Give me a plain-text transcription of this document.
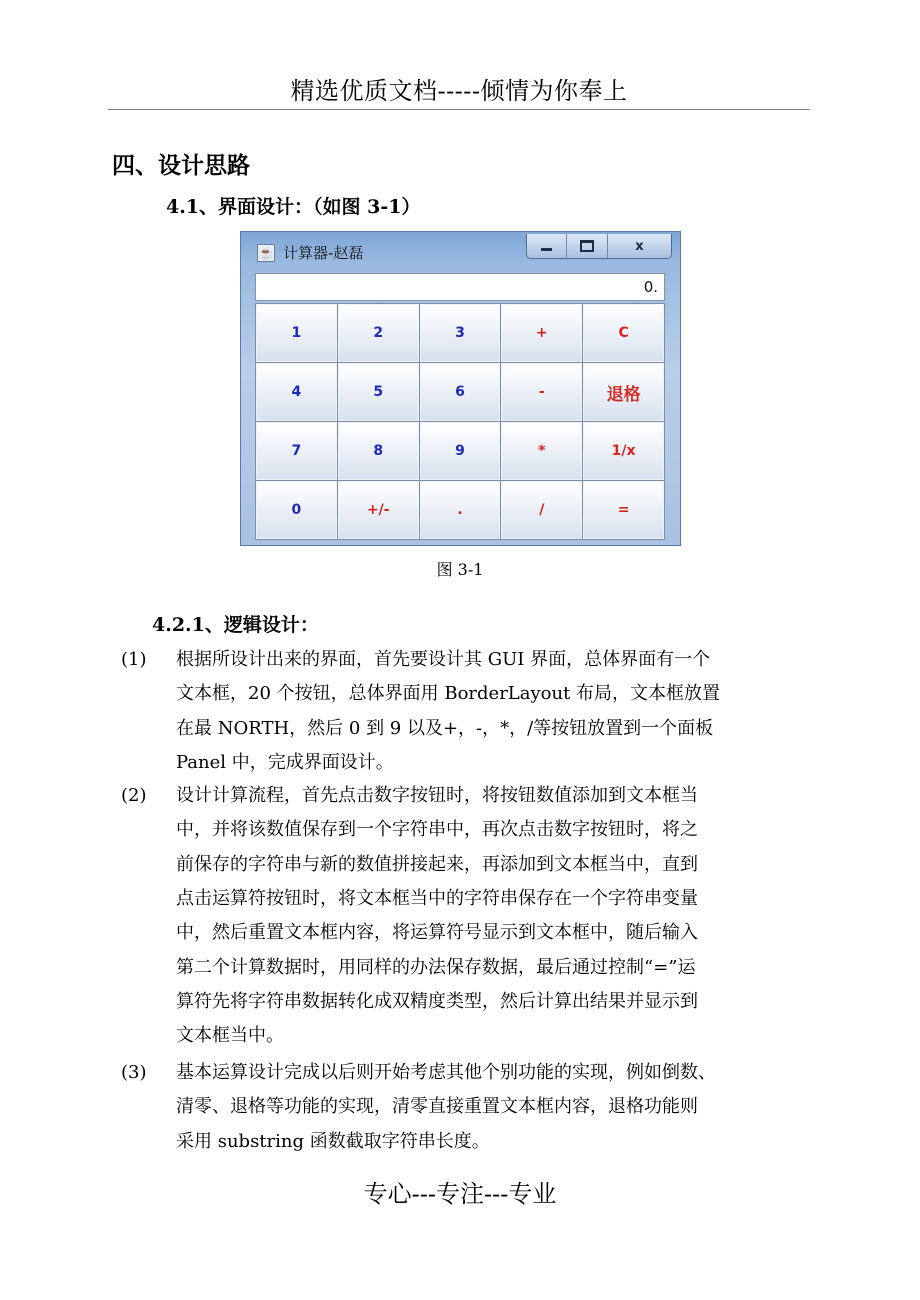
精选优质文档-----倾情为你奉上
四、设计思路
4.1、界面设计：（如图 3-1）
☕ 计算器-赵磊	x
0.
1	2	3	+	C
4	5	6	-	退格
7	8	9	*	1/x
0	+/-	.	/	=
图 3-1
4.2.1、逻辑设计：
(1) 根据所设计出来的界面，首先要设计其 GUI 界面，总体界面有一个
文本框，20 个按钮，总体界面用 BorderLayout 布局，文本框放置
在最 NORTH，然后 0 到 9 以及+，-，*，/等按钮放置到一个面板
Panel 中，完成界面设计。
(2) 设计计算流程，首先点击数字按钮时，将按钮数值添加到文本框当
中，并将该数值保存到一个字符串中，再次点击数字按钮时，将之
前保存的字符串与新的数值拼接起来，再添加到文本框当中，直到
点击运算符按钮时，将文本框当中的字符串保存在一个字符串变量
中，然后重置文本框内容，将运算符号显示到文本框中，随后输入
第二个计算数据时，用同样的办法保存数据，最后通过控制“=”运
算符先将字符串数据转化成双精度类型，然后计算出结果并显示到
文本框当中。
(3) 基本运算设计完成以后则开始考虑其他个别功能的实现，例如倒数、
清零、退格等功能的实现，清零直接重置文本框内容，退格功能则
采用 substring 函数截取字符串长度。
专心---专注---专业
